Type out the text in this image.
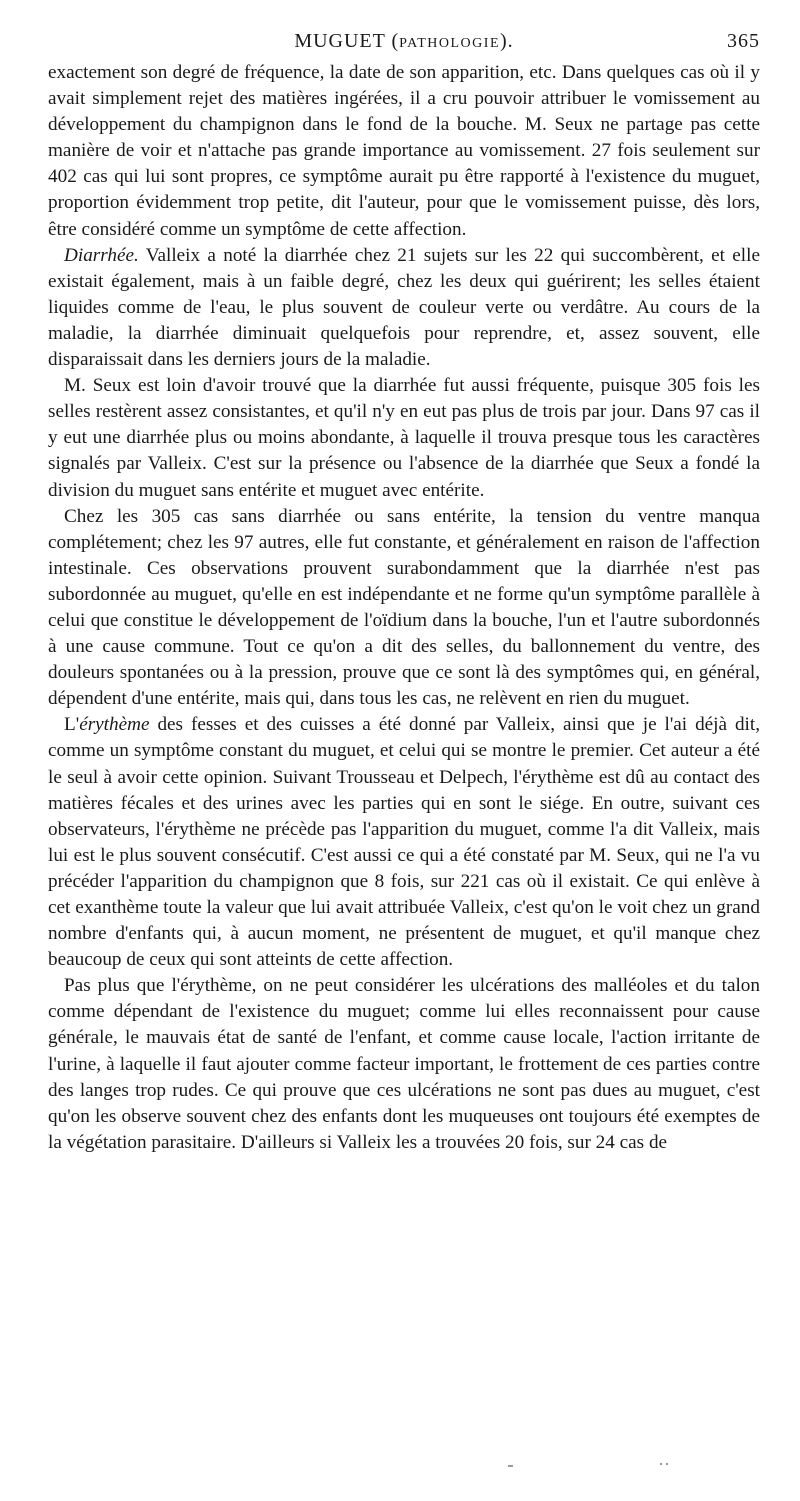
MUGUET (PATHOLOGIE).	365

exactement son degré de fréquence, la date de son apparition, etc. Dans quelques cas où il y avait simplement rejet des matières ingérées, il a cru pouvoir attribuer le vomissement au développement du champignon dans le fond de la bouche. M. Seux ne partage pas cette manière de voir et n'attache pas grande importance au vomissement. 27 fois seulement sur 402 cas qui lui sont propres, ce symptôme aurait pu être rapporté à l'existence du muguet, proportion évidemment trop petite, dit l'auteur, pour que le vomissement puisse, dès lors, être considéré comme un symptôme de cette affection.

Diarrhée. Valleix a noté la diarrhée chez 21 sujets sur les 22 qui succombèrent, et elle existait également, mais à un faible degré, chez les deux qui guérirent; les selles étaient liquides comme de l'eau, le plus souvent de couleur verte ou verdâtre. Au cours de la maladie, la diarrhée diminuait quelquefois pour reprendre, et, assez souvent, elle disparaissait dans les derniers jours de la maladie.

M. Seux est loin d'avoir trouvé que la diarrhée fut aussi fréquente, puisque 305 fois les selles restèrent assez consistantes, et qu'il n'y en eut pas plus de trois par jour. Dans 97 cas il y eut une diarrhée plus ou moins abondante, à laquelle il trouva presque tous les caractères signalés par Valleix. C'est sur la présence ou l'absence de la diarrhée que Seux a fondé la division du muguet sans entérite et muguet avec entérite.

Chez les 305 cas sans diarrhée ou sans entérite, la tension du ventre manqua complétement; chez les 97 autres, elle fut constante, et généralement en raison de l'affection intestinale. Ces observations prouvent surabondamment que la diarrhée n'est pas subordonnée au muguet, qu'elle en est indépendante et ne forme qu'un symptôme parallèle à celui que constitue le développement de l'oïdium dans la bouche, l'un et l'autre subordonnés à une cause commune. Tout ce qu'on a dit des selles, du ballonnement du ventre, des douleurs spontanées ou à la pression, prouve que ce sont là des symptômes qui, en général, dépendent d'une entérite, mais qui, dans tous les cas, ne relèvent en rien du muguet.

L'érythème des fesses et des cuisses a été donné par Valleix, ainsi que je l'ai déjà dit, comme un symptôme constant du muguet, et celui qui se montre le premier. Cet auteur a été le seul à avoir cette opinion. Suivant Trousseau et Delpech, l'érythème est dû au contact des matières fécales et des urines avec les parties qui en sont le siége. En outre, suivant ces observateurs, l'érythème ne précède pas l'apparition du muguet, comme l'a dit Valleix, mais lui est le plus souvent consécutif. C'est aussi ce qui a été constaté par M. Seux, qui ne l'a vu précéder l'apparition du champignon que 8 fois, sur 221 cas où il existait. Ce qui enlève à cet exanthème toute la valeur que lui avait attribuée Valleix, c'est qu'on le voit chez un grand nombre d'enfants qui, à aucun moment, ne présentent de muguet, et qu'il manque chez beaucoup de ceux qui sont atteints de cette affection.

Pas plus que l'érythème, on ne peut considérer les ulcérations des malléoles et du talon comme dépendant de l'existence du muguet; comme lui elles reconnaissent pour cause générale, le mauvais état de santé de l'enfant, et comme cause locale, l'action irritante de l'urine, à laquelle il faut ajouter comme facteur important, le frottement de ces parties contre des langes trop rudes. Ce qui prouve que ces ulcérations ne sont pas dues au muguet, c'est qu'on les observe souvent chez des enfants dont les muqueuses ont toujours été exemptes de la végétation parasitaire. D'ailleurs si Valleix les a trouvées 20 fois, sur 24 cas de
